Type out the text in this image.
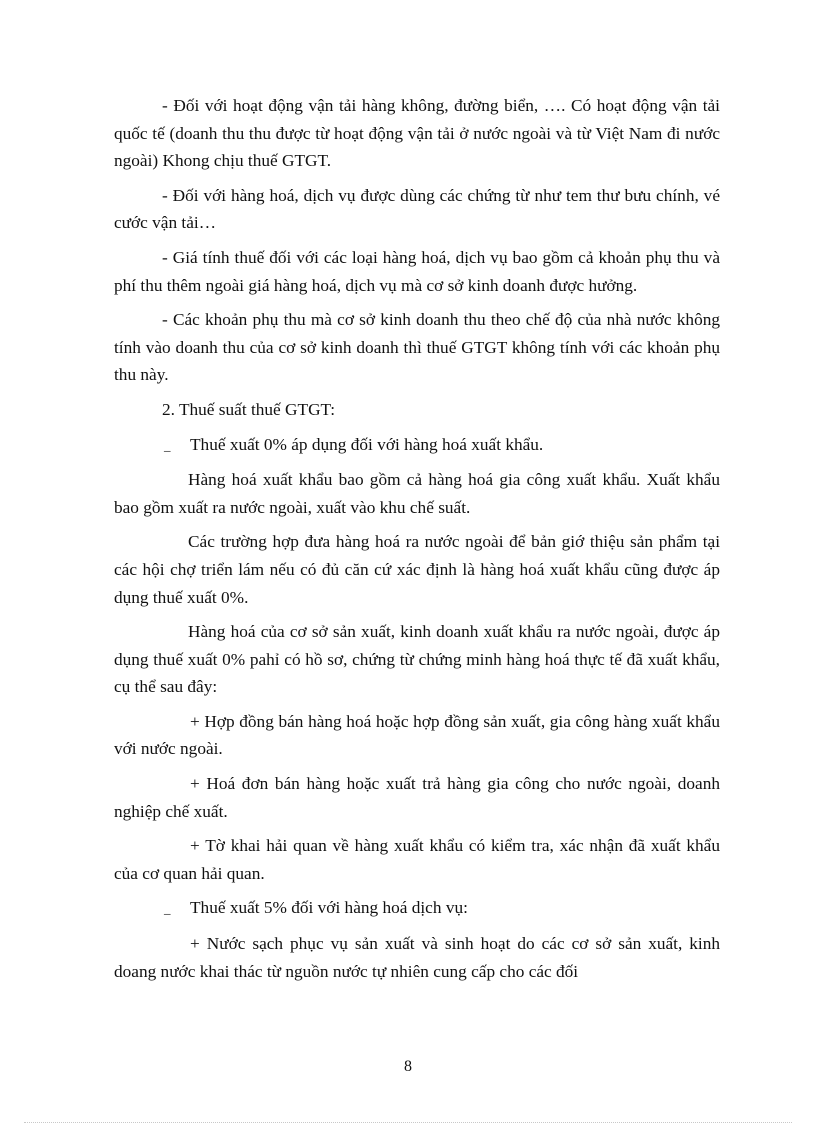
- Đối với hoạt động vận tải hàng không, đường biển, …. Có hoạt động vận tải quốc tế (doanh thu thu được từ hoạt động vận tải ở nước ngoài và từ Việt Nam đi nước ngoài) Khong chịu thuế GTGT.

- Đối với hàng hoá, dịch vụ được dùng các chứng từ như tem thư bưu chính, vé cước vận tải…

- Giá tính thuế đối với các loại hàng hoá, dịch vụ bao gồm cả khoản phụ thu và phí thu thêm ngoài giá hàng hoá, dịch vụ mà cơ sở kinh doanh được hưởng.

- Các khoản phụ thu mà cơ sở kinh doanh thu theo chế độ của nhà nước không tính vào doanh thu của cơ sở kinh doanh thì thuế GTGT không tính với các khoản phụ thu này.

2. Thuế suất thuế GTGT:

_ Thuế xuất 0% áp dụng đối với hàng hoá xuất khẩu.

Hàng hoá xuất khẩu bao gồm cả hàng hoá gia công xuất khẩu. Xuất khẩu bao gồm xuất ra nước ngoài, xuất vào khu chế suất.

Các trường hợp đưa hàng hoá ra nước ngoài để bản giớ thiệu sản phẩm tại các hội chợ triển lám nếu có đủ căn cứ xác định là hàng hoá xuất khẩu cũng được áp dụng thuế xuất 0%.

Hàng hoá của cơ sở sản xuất, kinh doanh xuất khẩu ra nước ngoài, được áp dụng thuế xuất 0% pahỉ có hồ sơ, chứng từ chứng minh hàng hoá thực tế đã xuất khẩu, cụ thể sau đây:

+ Hợp đồng bán hàng hoá hoặc hợp đồng sản xuất, gia công hàng xuất khẩu với nước ngoài.

+ Hoá đơn bán hàng hoặc xuất trả hàng gia công cho nước ngoài, doanh nghiệp chế xuất.

+ Tờ khai hải quan về hàng xuất khẩu có kiểm tra, xác nhận đã xuất khẩu của cơ quan hải quan.

_ Thuế xuất 5% đối với hàng hoá dịch vụ:

+ Nước sạch phục vụ sản xuất và sinh hoạt do các cơ sở sản xuất, kinh doang nước khai thác từ nguồn nước tự nhiên cung cấp cho các đối

8
